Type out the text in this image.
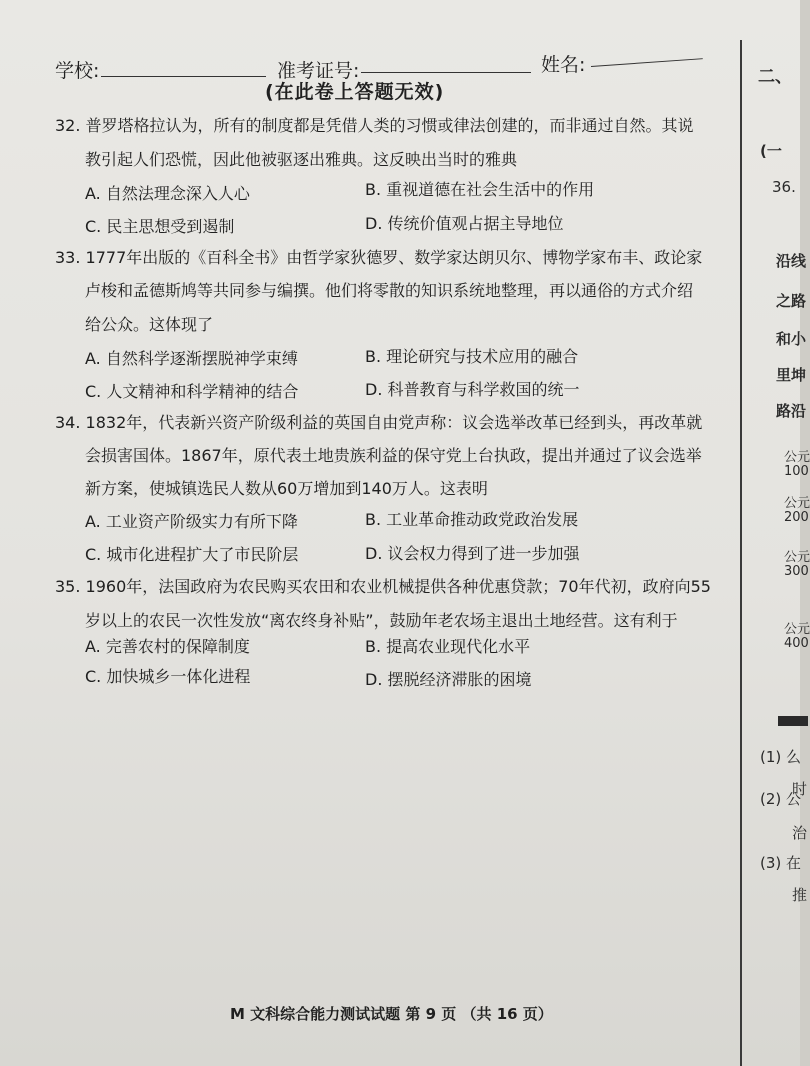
学校:	准考证号:	姓名:
(在此卷上答题无效)
32. 普罗塔格拉认为，所有的制度都是凭借人类的习惯或律法创建的，而非通过自然。其说
教引起人们恐慌，因此他被驱逐出雅典。这反映出当时的雅典
A. 自然法理念深入人心	B. 重视道德在社会生活中的作用
C. 民主思想受到遏制	D. 传统价值观占据主导地位
33. 1777年出版的《百科全书》由哲学家狄德罗、数学家达朗贝尔、博物学家布丰、政论家
卢梭和孟德斯鸠等共同参与编撰。他们将零散的知识系统地整理，再以通俗的方式介绍
给公众。这体现了
A. 自然科学逐渐摆脱神学束缚	B. 理论研究与技术应用的融合
C. 人文精神和科学精神的结合	D. 科普教育与科学救国的统一
34. 1832年，代表新兴资产阶级利益的英国自由党声称：议会选举改革已经到头，再改革就
会损害国体。1867年，原代表土地贵族利益的保守党上台执政，提出并通过了议会选举
新方案，使城镇选民人数从60万增加到140万人。这表明
A. 工业资产阶级实力有所下降	B. 工业革命推动政党政治发展
C. 城市化进程扩大了市民阶层	D. 议会权力得到了进一步加强
35. 1960年，法国政府为农民购买农田和农业机械提供各种优惠贷款；70年代初，政府向55
岁以上的农民一次性发放“离农终身补贴”，鼓励年老农场主退出土地经营。这有利于
A. 完善农村的保障制度	B. 提高农业现代化水平
C. 加快城乡一体化进程	D. 摆脱经济滞胀的困境
二、
(一
36.
沿线
之路
和小
里坤
路沿
公元
100
公元
200
公元
300
公元
400
(1) 么
时
(2) 公
治
(3) 在
推
M 文科综合能力测试试题 第 9 页 （共 16 页）
